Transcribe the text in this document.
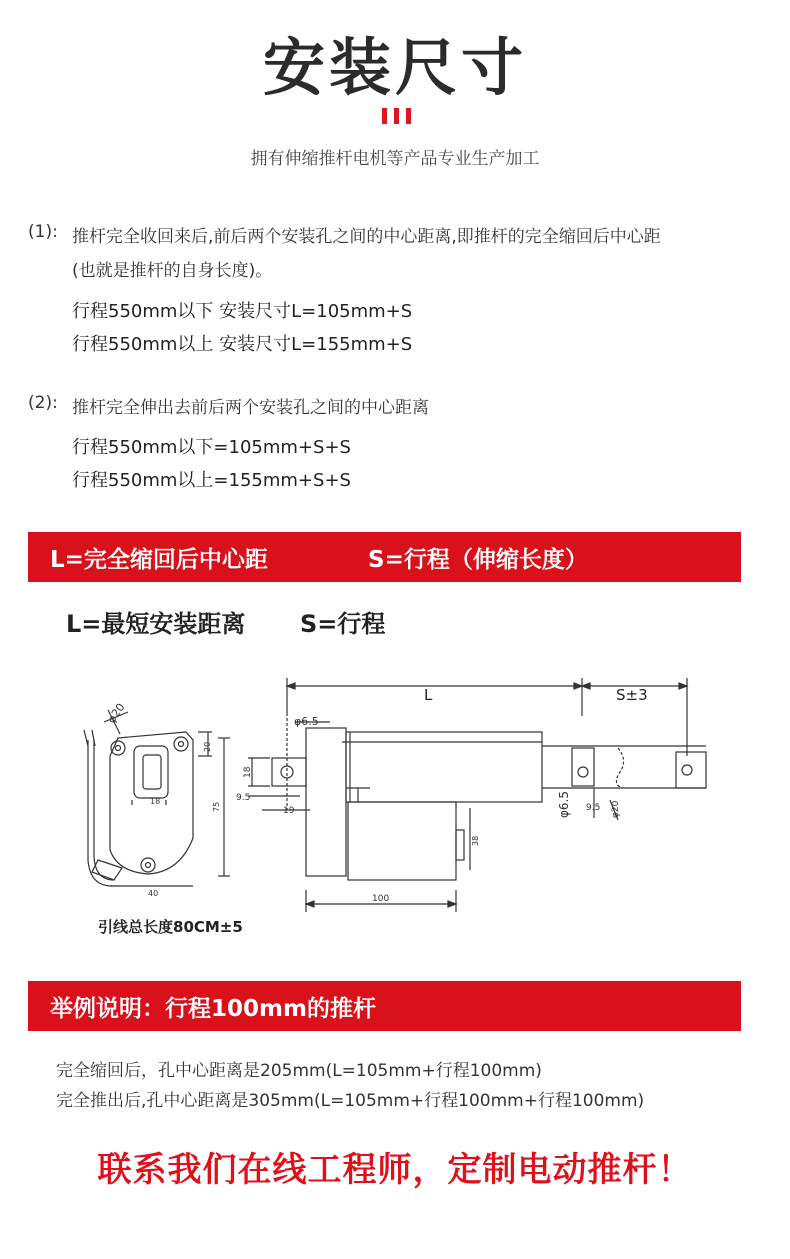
安装尺寸
拥有伸缩推杆电机等产品专业生产加工
(1): 推杆完全收回来后,前后两个安装孔之间的中心距离,即推杆的完全缩回后中心距
(也就是推杆的自身长度)。
行程550mm以下 安装尺寸L=105mm+S
行程550mm以上 安装尺寸L=155mm+S
(2): 推杆完全伸出去前后两个安装孔之间的中心距离
行程550mm以下=105mm+S+S
行程550mm以上=155mm+S+S
L=完全缩回后中心距	S=行程（伸缩长度）
L=最短安装距离 S=行程
φ20
20
75
18
40
引线总长度80CM±5
L	S±3
φ6.5
18
9.5
19
100
38
φ6.5 9.5 φ20
举例说明：行程100mm的推杆
完全缩回后，孔中心距离是205mm(L=105mm+行程100mm)
完全推出后,孔中心距离是305mm(L=105mm+行程100mm+行程100mm)
联系我们在线工程师，定制电动推杆！
